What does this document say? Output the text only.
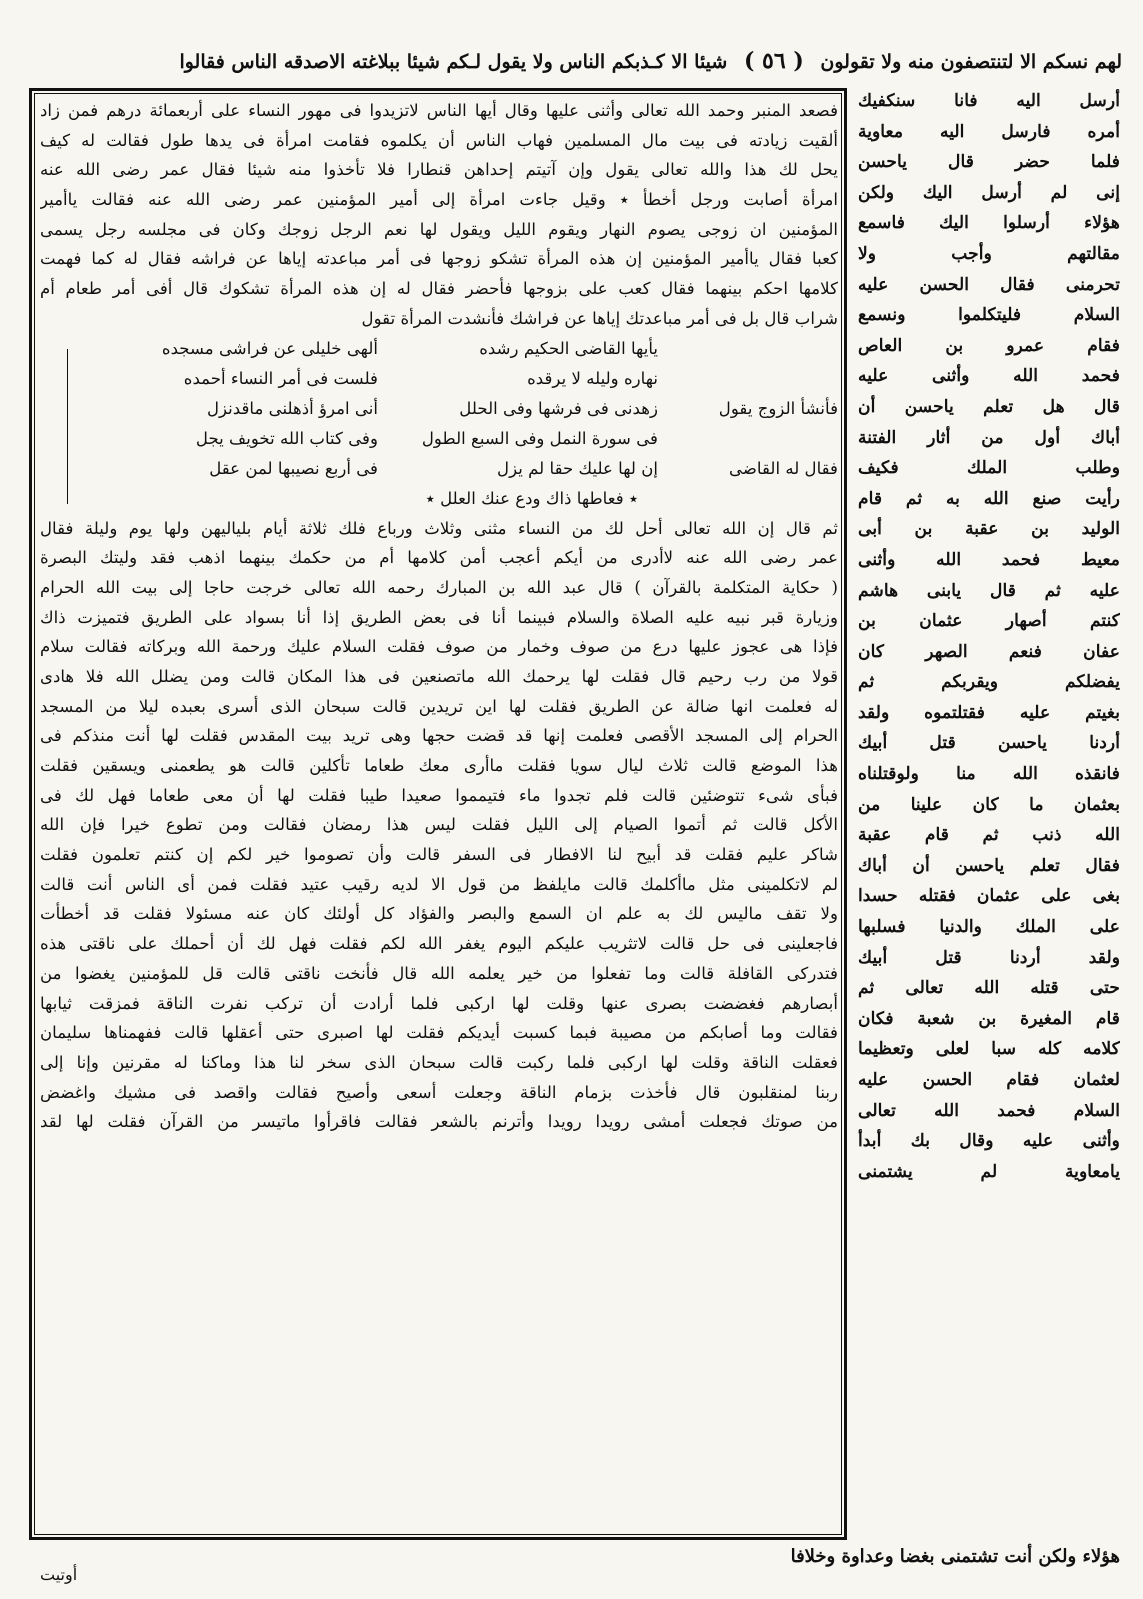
لهم نسكم الا لتنتصفون منه ولا تقولون ( ٥٦ ) شيئا الا كـذبكم الناس ولا يقول لـكم شيئا ببلاغته الاصدقه الناس فقالوا
فصعد المنبر وحمد الله تعالى وأثنى عليها وقال أيها الناس لاتزيدوا فى مهور النساء على أربعمائة درهم فمن زاد
ألقيت زيادته فى بيت مال المسلمين فهاب الناس أن يكلموه فقامت امرأة فى يدها طول فقالت له كيف
يحل لك هذا والله تعالى يقول وإن آتيتم إحداهن قنطارا فلا تأخذوا منه شيئا فقال عمر رضى الله عنه
امرأة أصابت ورجل أخطأ ٭ وقيل جاءت امرأة إلى أمير المؤمنين عمر رضى الله عنه فقالت ياأمير
المؤمنين ان زوجى يصوم النهار ويقوم الليل ويقول لها نعم الرجل زوجك وكان فى مجلسه رجل يسمى
كعبا فقال ياأمير المؤمنين إن هذه المرأة تشكو زوجها فى أمر مباعدته إياها عن فراشه فقال له كما فهمت
كلامها احكم بينهما فقال كعب على بزوجها فأحضر فقال له إن هذه المرأة تشكوك قال أفى أمر طعام أم
شراب قال بل فى أمر مباعدتك إياها عن فراشك فأنشدت المرأة تقول
يأيها القاضى الحكيم رشده
ألهى خليلى عن فراشى مسجده
نهاره وليله لا يرقده
فلست فى أمر النساء أحمده
فأنشأ الزوج يقول
زهدنى فى فرشها وفى الحلل
أنى امرؤ أذهلنى ماقدنزل
فى سورة النمل وفى السبع الطول
وفى كتاب الله تخويف يجل
فقال له القاضى
إن لها عليك حقا لم يزل
فى أربع نصيبها لمن عقل
٭ فعاطها ذاك ودع عنك العلل ٭
ثم قال إن الله تعالى أحل لك من النساء مثنى وثلاث ورباع فلك ثلاثة أيام بلياليهن ولها يوم وليلة فقال
عمر رضى الله عنه لاأدرى من أيكم أعجب أمن كلامها أم من حكمك بينهما اذهب فقد وليتك البصرة
( حكاية المتكلمة بالقرآن ) قال عبد الله بن المبارك رحمه الله تعالى خرجت حاجا إلى بيت الله الحرام
وزيارة قبر نبيه عليه الصلاة والسلام فبينما أنا فى بعض الطريق إذا أنا بسواد على الطريق فتميزت ذاك
فإذا هى عجوز عليها درع من صوف وخمار من صوف فقلت السلام عليك ورحمة الله وبركاته فقالت سلام
قولا من رب رحيم قال فقلت لها يرحمك الله ماتصنعين فى هذا المكان قالت ومن يضلل الله فلا هادى
له فعلمت انها ضالة عن الطريق فقلت لها اين تريدين قالت سبحان الذى أسرى بعبده ليلا من المسجد
الحرام إلى المسجد الأقصى فعلمت إنها قد قضت حجها وهى تريد بيت المقدس فقلت لها أنت منذكم فى
هذا الموضع قالت ثلاث ليال سويا فقلت ماأرى معك طعاما تأكلين قالت هو يطعمنى ويسقين فقلت
فبأى شىء تتوضئين قالت فلم تجدوا ماء فتيمموا صعيدا طيبا فقلت لها أن معى طعاما فهل لك فى
الأكل قالت ثم أتموا الصيام إلى الليل فقلت ليس هذا رمضان فقالت ومن تطوع خيرا فإن الله
شاكر عليم فقلت قد أبيح لنا الافطار فى السفر قالت وأن تصوموا خير لكم إن كنتم تعلمون فقلت
لم لاتكلمينى مثل ماأكلمك قالت مايلفظ من قول الا لديه رقيب عتيد فقلت فمن أى الناس أنت قالت
ولا تقف ماليس لك به علم ان السمع والبصر والفؤاد كل أولئك كان عنه مسئولا فقلت قد أخطأت
فاجعلينى فى حل قالت لاتثريب عليكم اليوم يغفر الله لكم فقلت فهل لك أن أحملك على ناقتى هذه
فتدركى القافلة قالت وما تفعلوا من خير يعلمه الله قال فأنخت ناقتى قالت قل للمؤمنين يغضوا من
أبصارهم فغضضت بصرى عنها وقلت لها اركبى فلما أرادت أن تركب نفرت الناقة فمزقت ثيابها
فقالت وما أصابكم من مصيبة فبما كسبت أيديكم فقلت لها اصبرى حتى أعقلها قالت ففهمناها سليمان
فعقلت الناقة وقلت لها اركبى فلما ركبت قالت سبحان الذى سخر لنا هذا وماكنا له مقرنين وإنا إلى
ربنا لمنقلبون قال فأخذت بزمام الناقة وجعلت أسعى وأصيح فقالت واقصد فى مشيك واغضض
من صوتك فجعلت أمشى رويدا رويدا وأترنم بالشعر فقالت فاقرأوا ماتيسر من القرآن فقلت لها لقد
أرسل اليه فانا سنكفيك
أمره فارسل اليه معاوية
فلما حضر قال ياحسن
إنى لم أرسل اليك ولكن
هؤلاء أرسلوا اليك فاسمع
مقالتهم وأجب ولا
تحرمنى فقال الحسن عليه
السلام فليتكلموا ونسمع
فقام عمرو بن العاص
فحمد الله وأثنى عليه
قال هل تعلم ياحسن أن
أباك أول من أثار الفتنة
وطلب الملك فكيف
رأيت صنع الله به ثم قام
الوليد بن عقبة بن أبى
معيط فحمد الله وأثنى
عليه ثم قال يابنى هاشم
كنتم أصهار عثمان بن
عفان فنعم الصهر كان
يفضلكم ويقربكم ثم
بغيتم عليه فقتلتموه ولقد
أردنا ياحسن قتل أبيك
فانقذه الله منا ولوقتلناه
بعثمان ما كان علينا من
الله ذنب ثم قام عقبة
فقال تعلم ياحسن أن أباك
بغى على عثمان فقتله حسدا
على الملك والدنيا فسلبها
ولقد أردنا قتل أبيك
حتى قتله الله تعالى ثم
قام المغيرة بن شعبة فكان
كلامه كله سبا لعلى وتعظيما
لعثمان فقام الحسن عليه
السلام فحمد الله تعالى
وأثنى عليه وقال بك أبدأ
يامعاوية لم يشتمنى
هؤلاء ولكن أنت تشتمنى بغضا وعداوة وخلافا
أوتيت
